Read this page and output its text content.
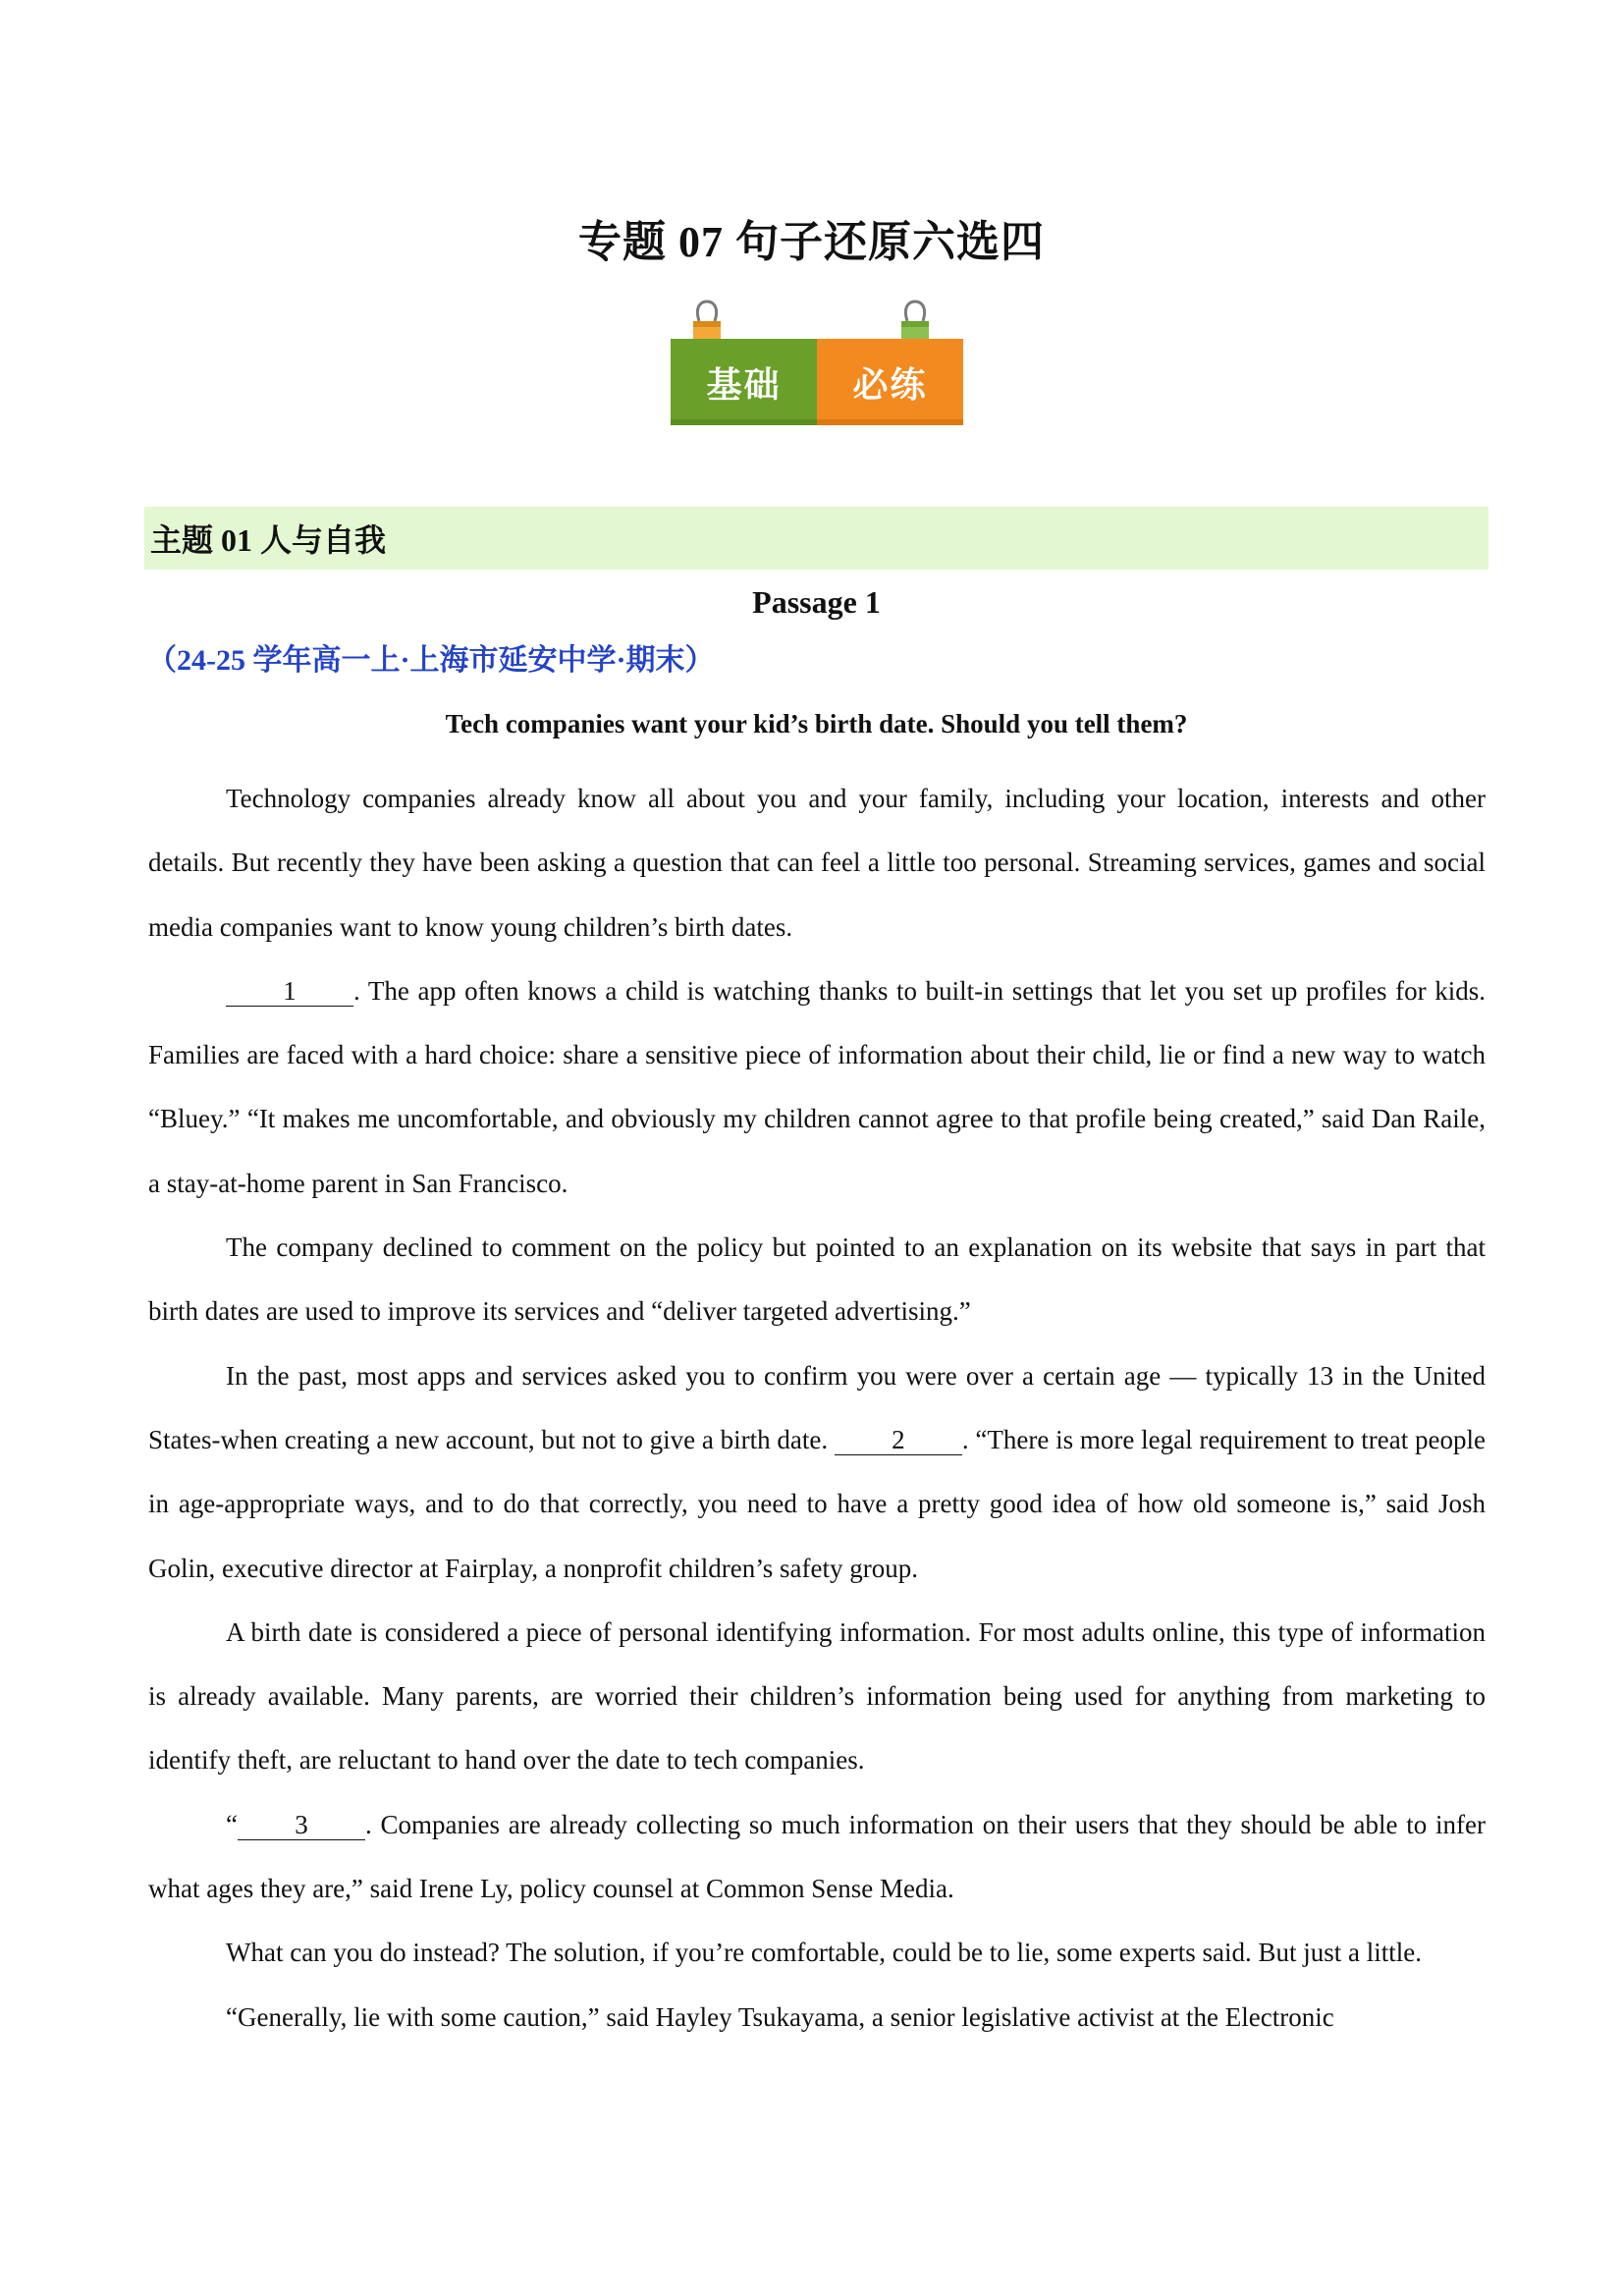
专题 07 句子还原六选四
基础	必练
主题 01 人与自我
Passage 1
（24-25 学年高一上·上海市延安中学·期末）
Tech companies want your kid’s birth date. Should you tell them?

Technology companies already know all about you and your family, including your location, interests and other details. But recently they have been asking a question that can feel a little too personal. Streaming services, games and social media companies want to know young children’s birth dates.

1 . The app often knows a child is watching thanks to built-in settings that let you set up profiles for kids. Families are faced with a hard choice: share a sensitive piece of information about their child, lie or find a new way to watch “Bluey.” “It makes me uncomfortable, and obviously my children cannot agree to that profile being created,” said Dan Raile, a stay-at-home parent in San Francisco.

The company declined to comment on the policy but pointed to an explanation on its website that says in part that birth dates are used to improve its services and “deliver targeted advertising.”

In the past, most apps and services asked you to confirm you were over a certain age — typically 13 in the United States-when creating a new account, but not to give a birth date. 2 . “There is more legal requirement to treat people in age-appropriate ways, and to do that correctly, you need to have a pretty good idea of how old someone is,” said Josh Golin, executive director at Fairplay, a nonprofit children’s safety group.

A birth date is considered a piece of personal identifying information. For most adults online, this type of information is already available. Many parents, are worried their children’s information being used for anything from marketing to identify theft, are reluctant to hand over the date to tech companies.

“ 3 . Companies are already collecting so much information on their users that they should be able to infer what ages they are,” said Irene Ly, policy counsel at Common Sense Media.

What can you do instead? The solution, if you’re comfortable, could be to lie, some experts said. But just a little.

“Generally, lie with some caution,” said Hayley Tsukayama, a senior legislative activist at the Electronic
